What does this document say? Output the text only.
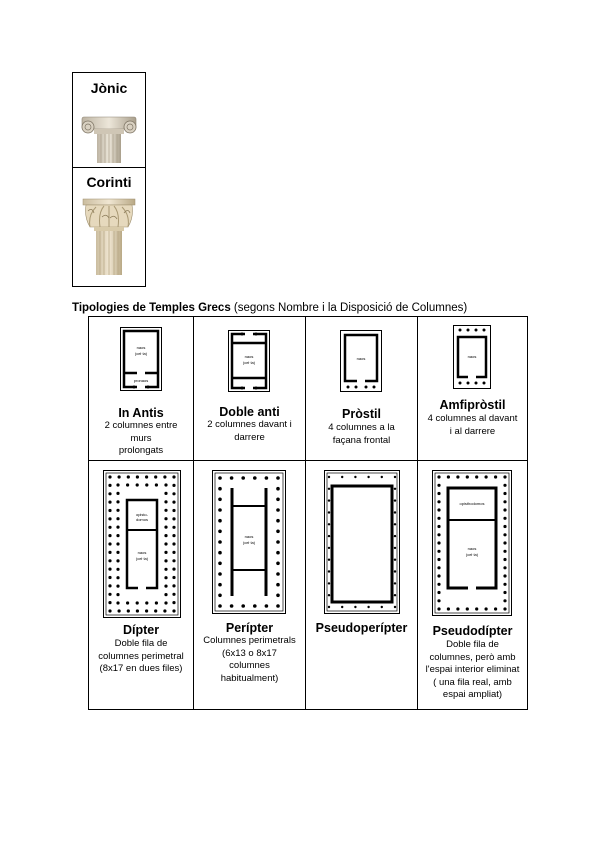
Jònic
Corinti
Tipologies de Temples Grecs (segons Nombre i la Disposició de Columnes)
naos
(cel·la)
pronaos
In Antis
2 columnes entre
murs
prolongats
naos
(cel·la)
Doble anti
2 columnes davant i
darrere
naos
Pròstil
4 columnes a la
façana frontal
naos
Amfipròstil
4 columnes al davant
i al darrere
opisto-
domos
naos
(cel·la)
Dípter
Doble fila de
columnes perimetral
(8x17 en dues files)
naos
(cel·la)
Perípter
Columnes perimetrals
(6x13 o 8x17
columnes
habitualment)
Pseudoperípter
opisthodomos
naos
(cel·la)
Pseudodípter
Doble fila de
columnes, però amb
l'espai interior eliminat
( una fila real, amb
espai ampliat)
